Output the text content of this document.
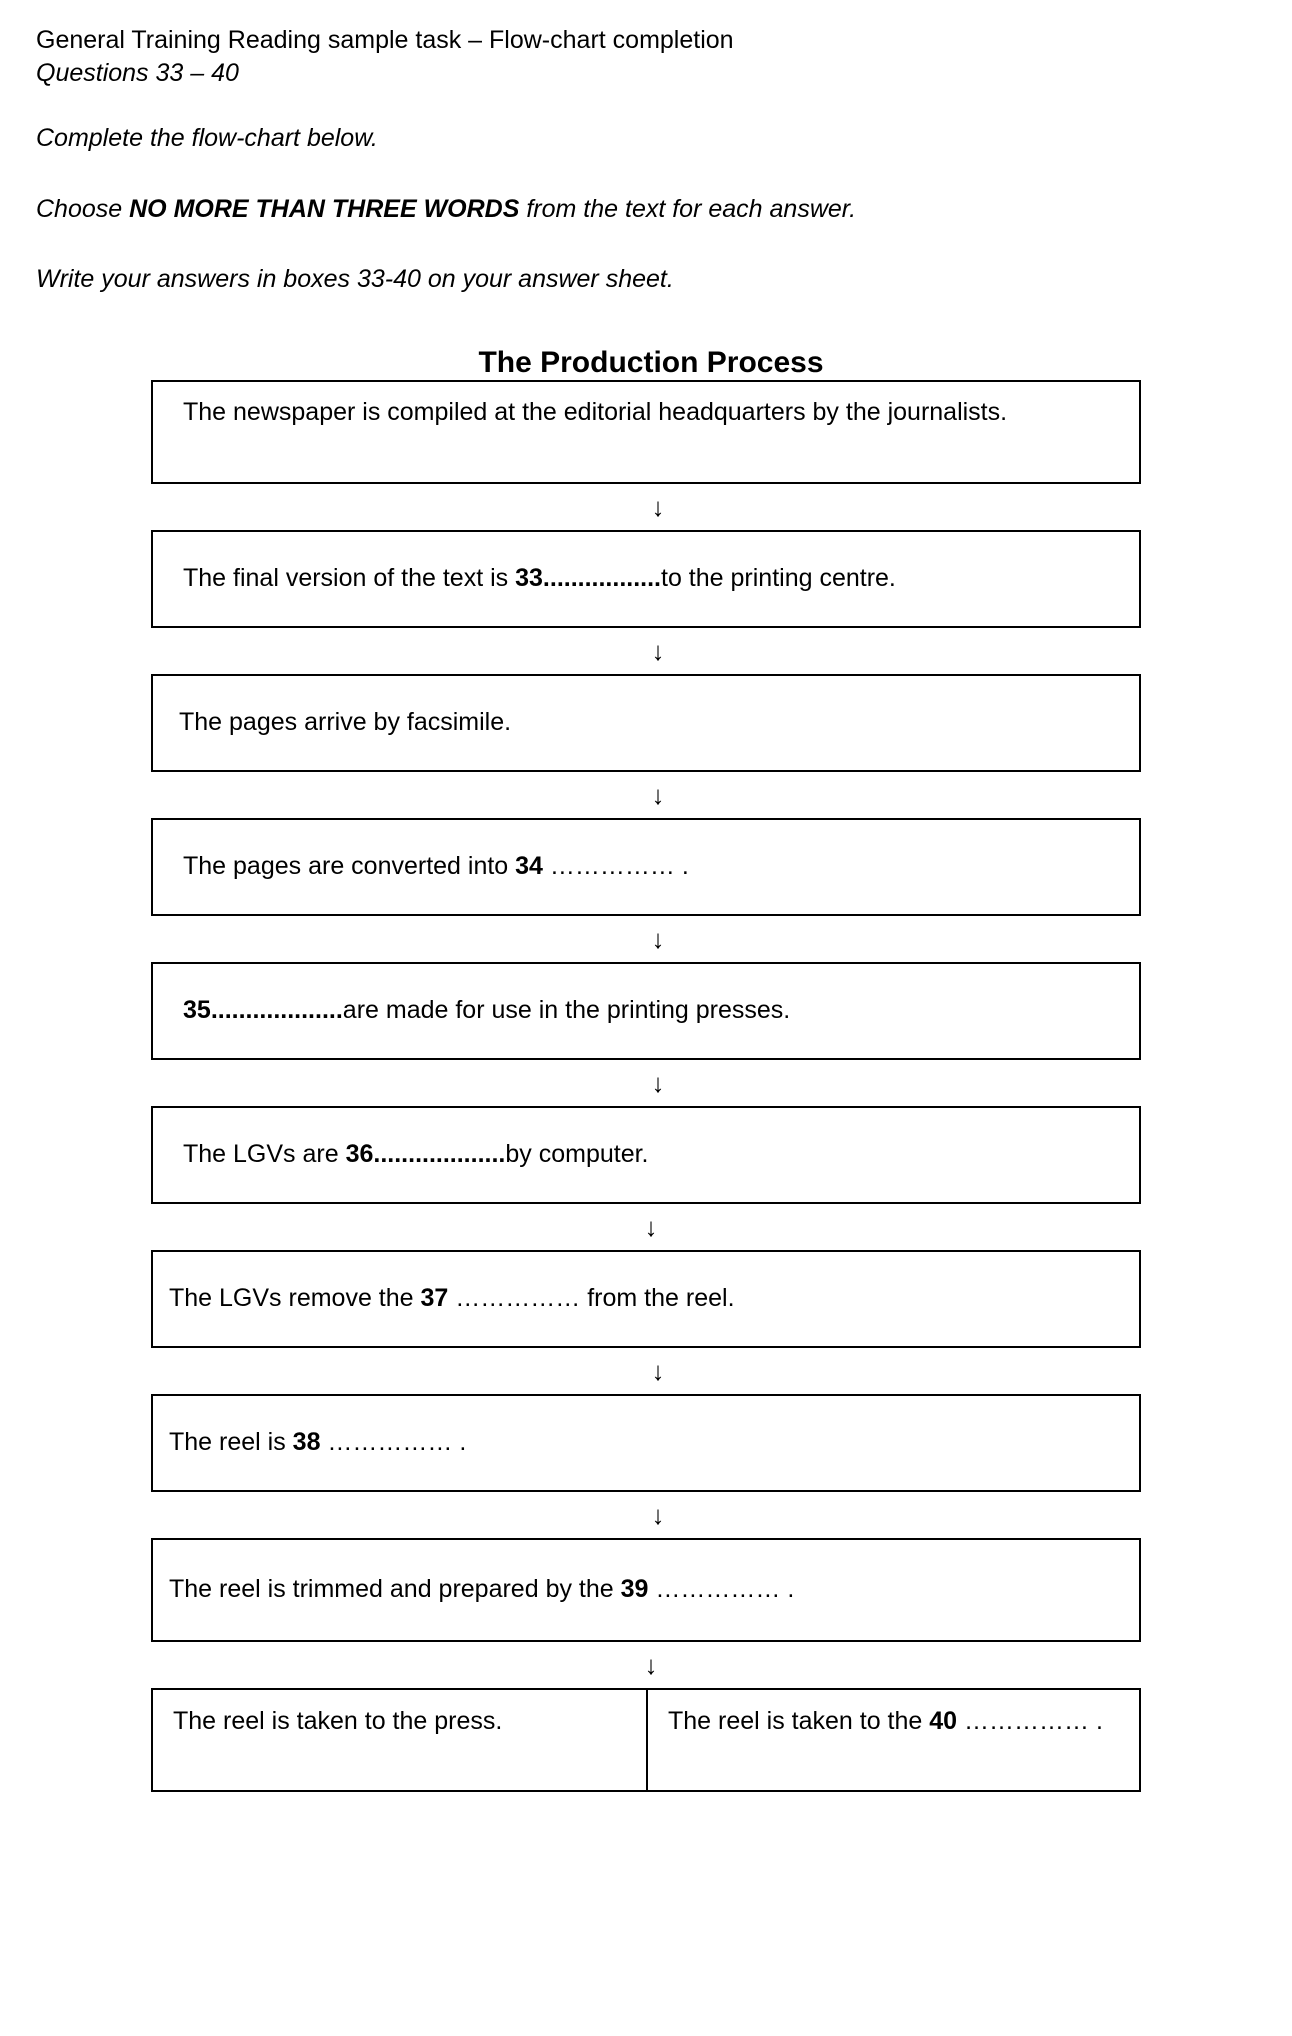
General Training Reading sample task – Flow-chart completion
Questions 33 – 40
Complete the flow-chart below.
Choose NO MORE THAN THREE WORDS from the text for each answer.
Write your answers in boxes 33-40 on your answer sheet.
The Production Process
The newspaper is compiled at the editorial headquarters by the journalists.
↓
The final version of the text is 33.................to the printing centre.
↓
The pages arrive by facsimile.
↓
The pages are converted into 34 …………… .
↓
35...................are made for use in the printing presses.
↓
The LGVs are 36...................by computer.
↓
The LGVs remove the 37 …………… from the reel.
↓
The reel is 38 …………… .
↓
The reel is trimmed and prepared by the 39 …………… .
↓
The reel is taken to the press.	The reel is taken to the 40 …………… .
